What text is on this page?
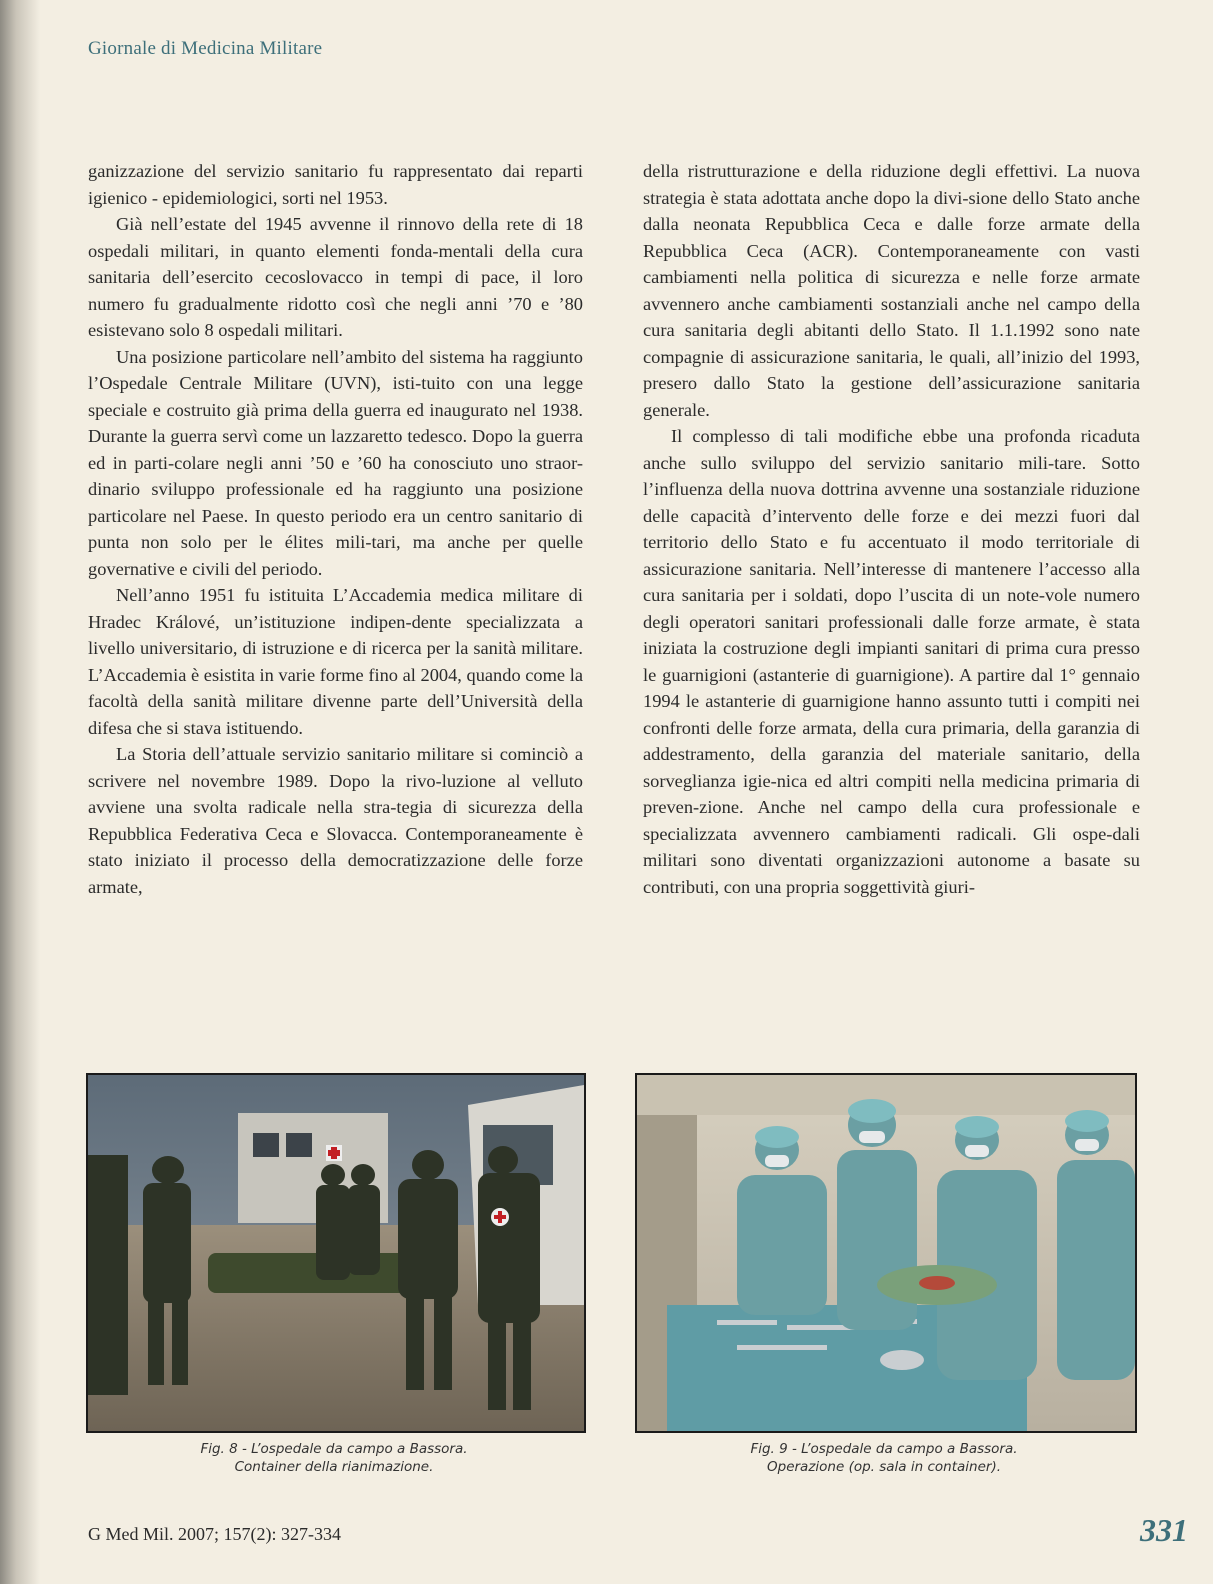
Giornale di Medicina Militare

ganizzazione del servizio sanitario fu rappresentato dai reparti igienico - epidemiologici, sorti nel 1953.

Già nell’estate del 1945 avvenne il rinnovo della rete di 18 ospedali militari, in quanto elementi fonda-mentali della cura sanitaria dell’esercito cecoslovacco in tempi di pace, il loro numero fu gradualmente ridotto così che negli anni ’70 e ’80 esistevano solo 8 ospedali militari.

Una posizione particolare nell’ambito del sistema ha raggiunto l’Ospedale Centrale Militare (UVN), isti-tuito con una legge speciale e costruito già prima della guerra ed inaugurato nel 1938. Durante la guerra servì come un lazzaretto tedesco. Dopo la guerra ed in parti-colare negli anni ’50 e ’60 ha conosciuto uno straor-dinario sviluppo professionale ed ha raggiunto una posizione particolare nel Paese. In questo periodo era un centro sanitario di punta non solo per le élites mili-tari, ma anche per quelle governative e civili del periodo.

Nell’anno 1951 fu istituita L’Accademia medica militare di Hradec Králové, un’istituzione indipen-dente specializzata a livello universitario, di istruzione e di ricerca per la sanità militare. L’Accademia è esistita in varie forme fino al 2004, quando come la facoltà della sanità militare divenne parte dell’Università della difesa che si stava istituendo.

La Storia dell’attuale servizio sanitario militare si cominciò a scrivere nel novembre 1989. Dopo la rivo-luzione al velluto avviene una svolta radicale nella stra-tegia di sicurezza della Repubblica Federativa Ceca e Slovacca. Contemporaneamente è stato iniziato il processo della democratizzazione delle forze armate,

della ristrutturazione e della riduzione degli effettivi. La nuova strategia è stata adottata anche dopo la divi-sione dello Stato anche dalla neonata Repubblica Ceca e dalle forze armate della Repubblica Ceca (ACR). Contemporaneamente con vasti cambiamenti nella politica di sicurezza e nelle forze armate avvennero anche cambiamenti sostanziali anche nel campo della cura sanitaria degli abitanti dello Stato. Il 1.1.1992 sono nate compagnie di assicurazione sanitaria, le quali, all’inizio del 1993, presero dallo Stato la gestione dell’assicurazione sanitaria generale.

Il complesso di tali modifiche ebbe una profonda ricaduta anche sullo sviluppo del servizio sanitario mili-tare. Sotto l’influenza della nuova dottrina avvenne una sostanziale riduzione delle capacità d’intervento delle forze e dei mezzi fuori dal territorio dello Stato e fu accentuato il modo territoriale di assicurazione sanitaria. Nell’interesse di mantenere l’accesso alla cura sanitaria per i soldati, dopo l’uscita di un note-vole numero degli operatori sanitari professionali dalle forze armate, è stata iniziata la costruzione degli impianti sanitari di prima cura presso le guarnigioni (astanterie di guarnigione). A partire dal 1° gennaio 1994 le astanterie di guarnigione hanno assunto tutti i compiti nei confronti delle forze armata, della cura primaria, della garanzia di addestramento, della garanzia del materiale sanitario, della sorveglianza igie-nica ed altri compiti nella medicina primaria di preven-zione. Anche nel campo della cura professionale e specializzata avvennero cambiamenti radicali. Gli ospe-dali militari sono diventati organizzazioni autonome a basate su contributi, con una propria soggettività giuri-

Fig. 8 - L’ospedale da campo a Bassora.
Container della rianimazione.
Fig. 9 - L’ospedale da campo a Bassora.
Operazione (op. sala in container).
G Med Mil. 2007; 157(2): 327-334	331
